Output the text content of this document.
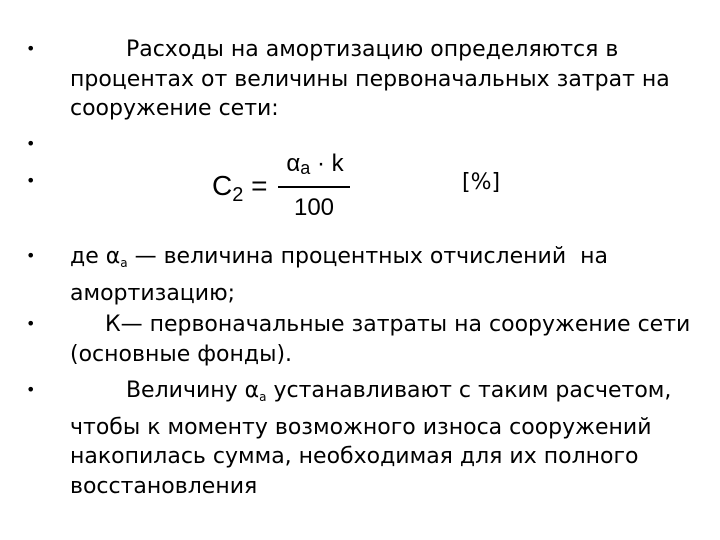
•
•
•
•
•
•
Расходы на амортизацию определяются в процентах от величины первоначальных затрат на сооружение сети:
$C_2$ =
αa · k
100
[%]
де $\alpha_а$ — величина процентных отчислений  на амортизацию;
К— первоначальные затраты на сооружение сети (основные фонды).
Величину $\alpha_а$ устанавливают с таким расчетом, чтобы к моменту возможного износа сооружений накопилась сумма, необходимая для их полного восстановления
